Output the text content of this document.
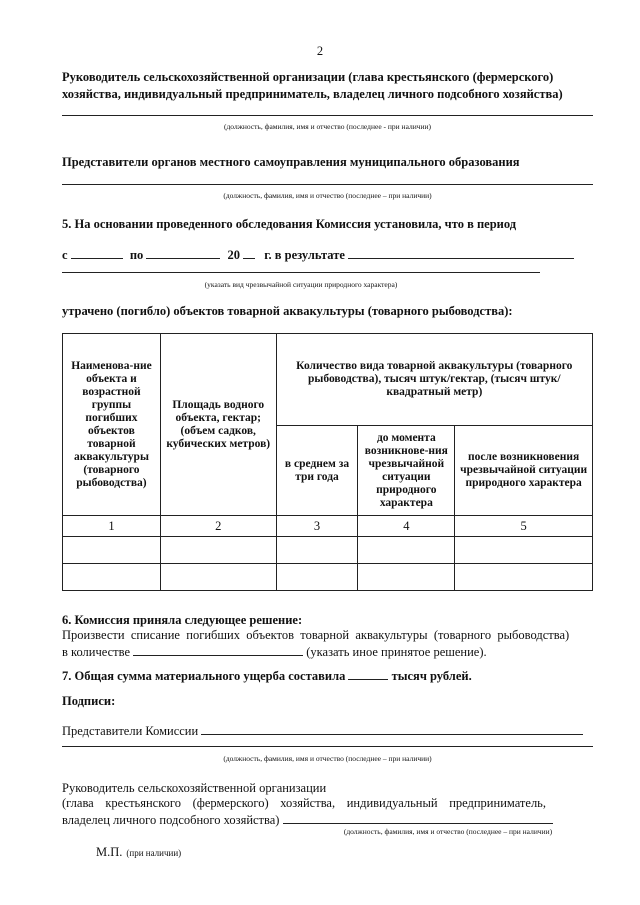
2
Руководитель сельскохозяйственной организации (глава крестьянского (фермерского)
хозяйства, индивидуальный предприниматель, владелец личного подсобного хозяйства)
(должность, фамилия, имя и отчество (последнее - при наличии)
Представители органов местного самоуправления муниципального образования
(должность, фамилия, имя и отчество (последнее – при наличии)
5. На основании проведенного обследования Комиссия установила, что в период
с	по	20 г. в результате
(указать вид чрезвычайной ситуации природного характера)
утрачено (погибло) объектов товарной аквакультуры (товарного рыбоводства):
Наименова-ние объекта и возрастной группы погибших объектов товарной аквакультуры (товарного рыбоводства)	Площадь водного объекта, гектар; (объем садков, кубических метров)	Количество вида товарной аквакультуры (товарного рыбоводства), тысяч штук/гектар, (тысяч штук/квадратный метр)		
		в среднем за три года	до момента возникнове-ния чрезвычайной ситуации природного характера	после возникновения чрезвычайной ситуации природного характера
1	2	3	4	5

6. Комиссия приняла следующее решение:
Произвести списание погибших объектов товарной аквакультуры (товарного рыбоводства)
в количестве	(указать иное принятое решение).
7. Общая сумма материального ущерба составила	тысяч рублей.
Подписи:
Представители Комиссии
(должность, фамилия, имя и отчество (последнее – при наличии)
Руководитель сельскохозяйственной организации
(глава крестьянского (фермерского) хозяйства, индивидуальный предприниматель,
владелец личного подсобного хозяйства)
(должность, фамилия, имя и отчество (последнее – при наличии)
М.П. (при наличии)
